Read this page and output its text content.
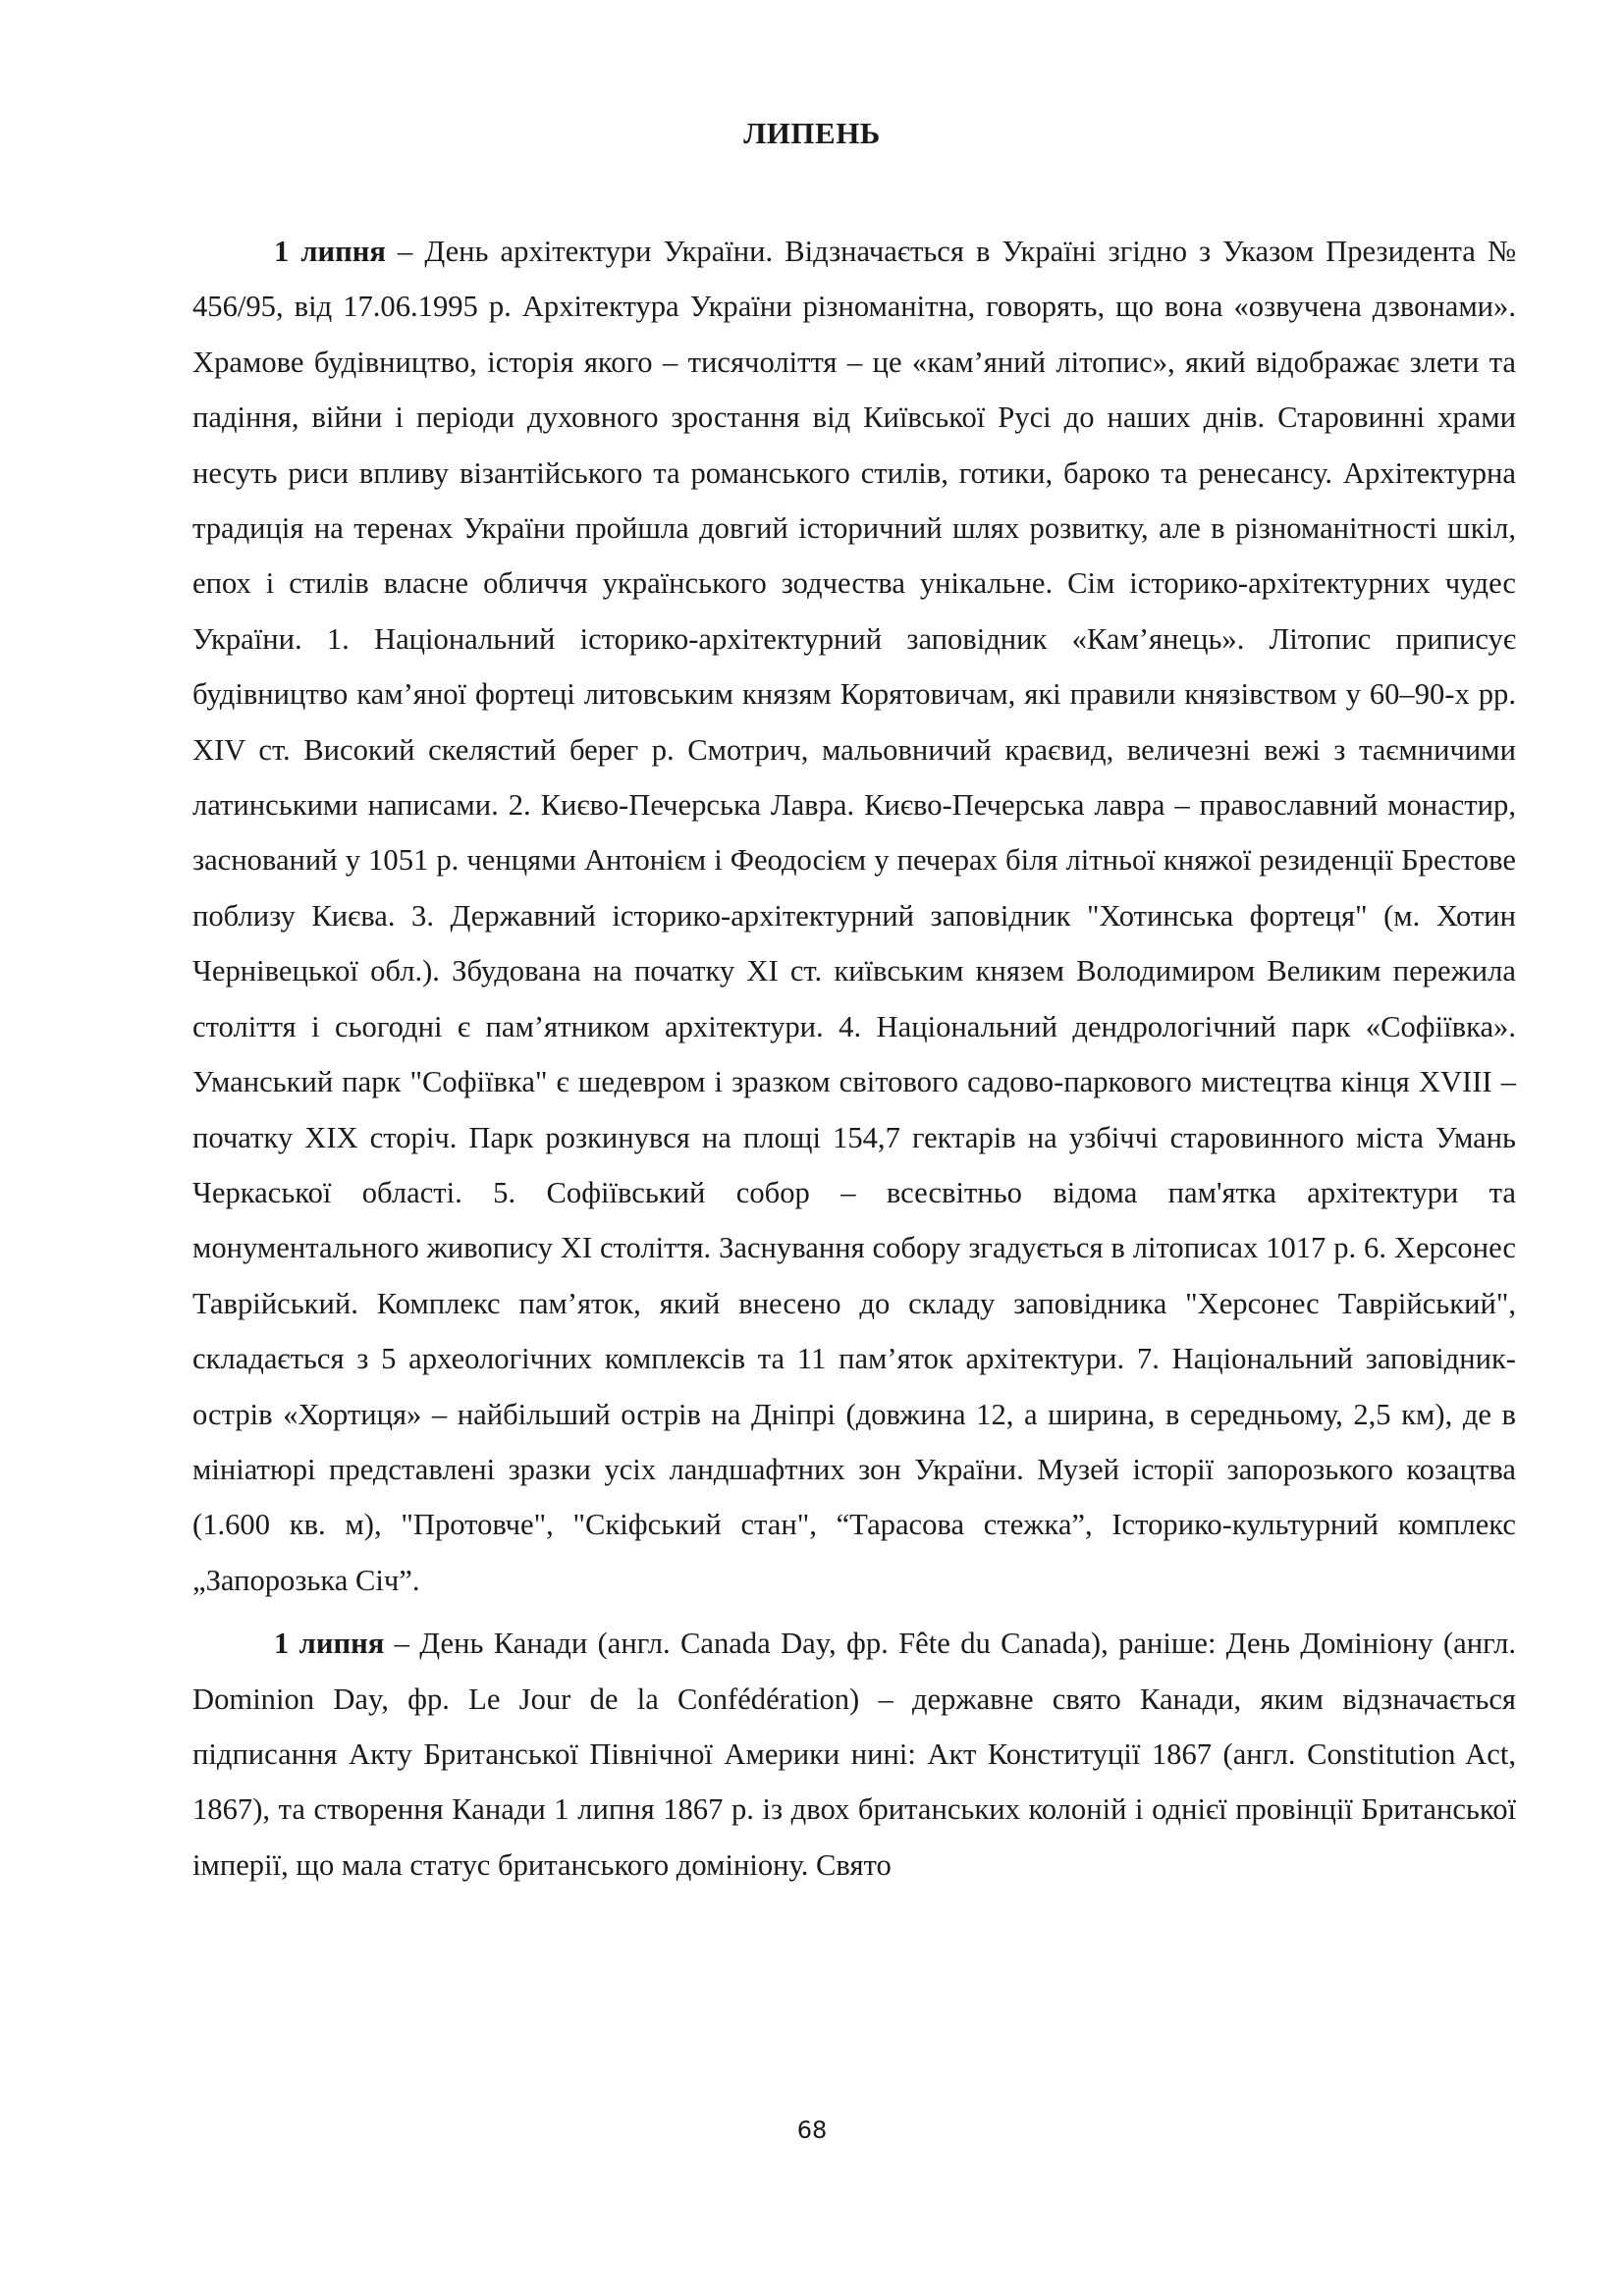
ЛИПЕНЬ

1 липня – День архітектури України. Відзначається в Україні згідно з Указом Президента № 456/95, від 17.06.1995 р. Архітектура України різноманітна, говорять, що вона «озвучена дзвонами». Храмове будівництво, історія якого – тисячоліття – це «кам’яний літопис», який відображає злети та падіння, війни і періоди духовного зростання від Київської Русі до наших днів. Старовинні храми несуть риси впливу візантійського та романського стилів, готики, бароко та ренесансу. Архітектурна традиція на теренах України пройшла довгий історичний шлях розвитку, але в різноманітності шкіл, епох і стилів власне обличчя українського зодчества унікальне. Сім історико-архітектурних чудес України. 1. Національний історико-архітектурний заповідник «Кам’янець». Літопис приписує будівництво кам’яної фортеці литовським князям Корятовичам, які правили князівством у 60–90-х рр. XIV ст. Високий скелястий берег р. Смотрич, мальовничий краєвид, величезні вежі з таємничими латинськими написами. 2. Києво-Печерська Лавра. Києво-Печерська лавра – православний монастир, заснований у 1051 р. ченцями Антонієм і Феодосієм у печерах біля літньої княжої резиденції Брестове поблизу Києва. 3. Державний історико-архітектурний заповідник "Хотинська фортеця" (м. Хотин Чернівецької обл.). Збудована на початку ХІ ст. київським князем Володимиром Великим пережила століття і сьогодні є пам’ятником архітектури. 4. Національний дендрологічний парк «Софіївка». Уманський парк "Софіївка" є шедевром і зразком світового садово-паркового мистецтва кінця XVIII – початку XIX сторіч. Парк розкинувся на площі 154,7 гектарів на узбіччі старовинного міста Умань Черкаської області. 5. Софіївський собор – всесвітньо відома пам'ятка архітектури та монументального живопису XI століття. Заснування собору згадується в літописах 1017 р. 6. Херсонес Таврійський. Комплекс пам’яток, який внесено до складу заповідника "Херсонес Таврійський", складається з 5 археологічних комплексів та 11 пам’яток архітектури. 7. Національний заповідник-острів «Хортиця» – найбільший острів на Дніпрі (довжина 12, а ширина, в середньому, 2,5 км), де в мініатюрі представлені зразки усіх ландшафтних зон України. Музей історії запорозького козацтва (1.600 кв. м), "Протовче", "Скіфський стан", “Тарасова стежка”, Історико-культурний комплекс „Запорозька Січ”.

1 липня – День Канади (англ. Canada Day, фр. Fête du Canada), раніше: День Домініону (англ. Dominion Day, фр. Le Jour de la Confédération) – державне свято Канади, яким відзначається підписання Акту Британської Північної Америки нині: Акт Конституції 1867 (англ. Constitution Act, 1867), та створення Канади 1 липня 1867 р. із двох британських колоній і однієї провінції Британської імперії, що мала статус британського домініону. Свято

68
